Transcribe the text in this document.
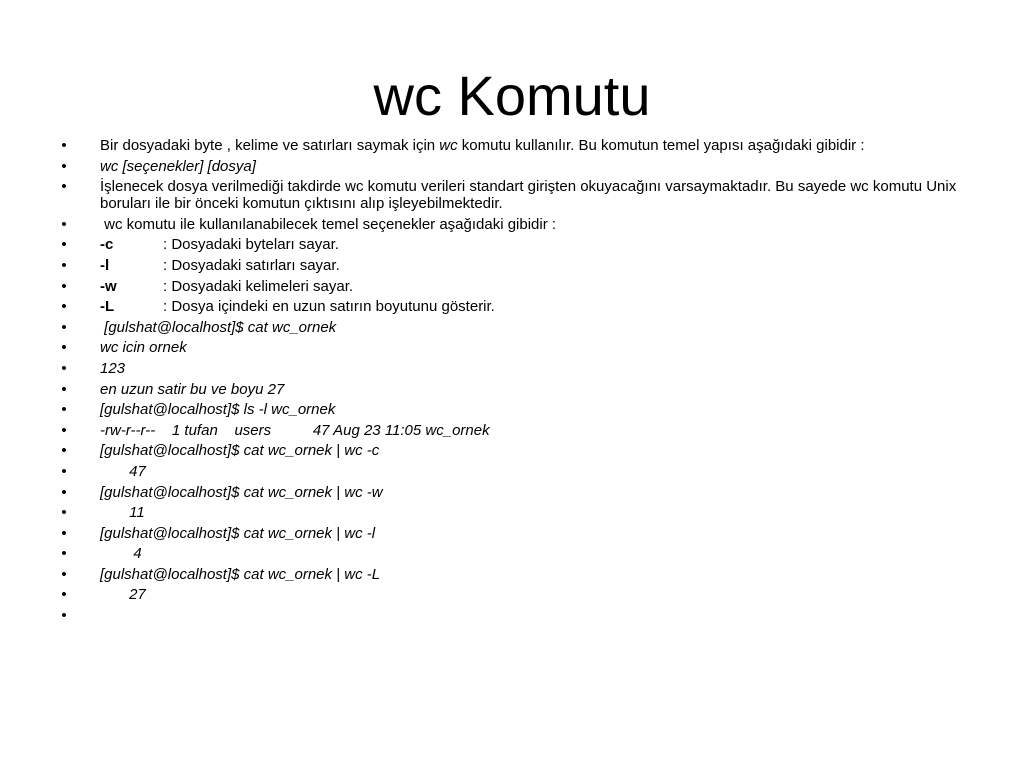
wc Komutu
• Bir dosyadaki byte , kelime ve satırları saymak için wc komutu kullanılır. Bu komutun temel yapısı aşağıdaki gibidir :
• wc [seçenekler] [dosya]
• İşlenecek dosya verilmediği takdirde wc komutu verileri standart girişten okuyacağını varsaymaktadır. Bu sayede wc komutu Unix boruları ile bir önceki komutun çıktısını alıp işleyebilmektedir.
• wc komutu ile kullanılanabilecek temel seçenekler aşağıdaki gibidir :
• -c	: Dosyadaki byteları sayar.
• -l	: Dosyadaki satırları sayar.
• -w	: Dosyadaki kelimeleri sayar.
• -L	: Dosya içindeki en uzun satırın boyutunu gösterir.
• [gulshat@localhost]$ cat wc_ornek
• wc icin ornek
• 123
• en uzun satir bu ve boyu 27
• [gulshat@localhost]$ ls -l wc_ornek
• -rw-r--r--    1 tufan    users          47 Aug 23 11:05 wc_ornek
• [gulshat@localhost]$ cat wc_ornek | wc -c
• 47
• [gulshat@localhost]$ cat wc_ornek | wc -w
• 11
• [gulshat@localhost]$ cat wc_ornek | wc -l
• 4
• [gulshat@localhost]$ cat wc_ornek | wc -L
• 27
•
